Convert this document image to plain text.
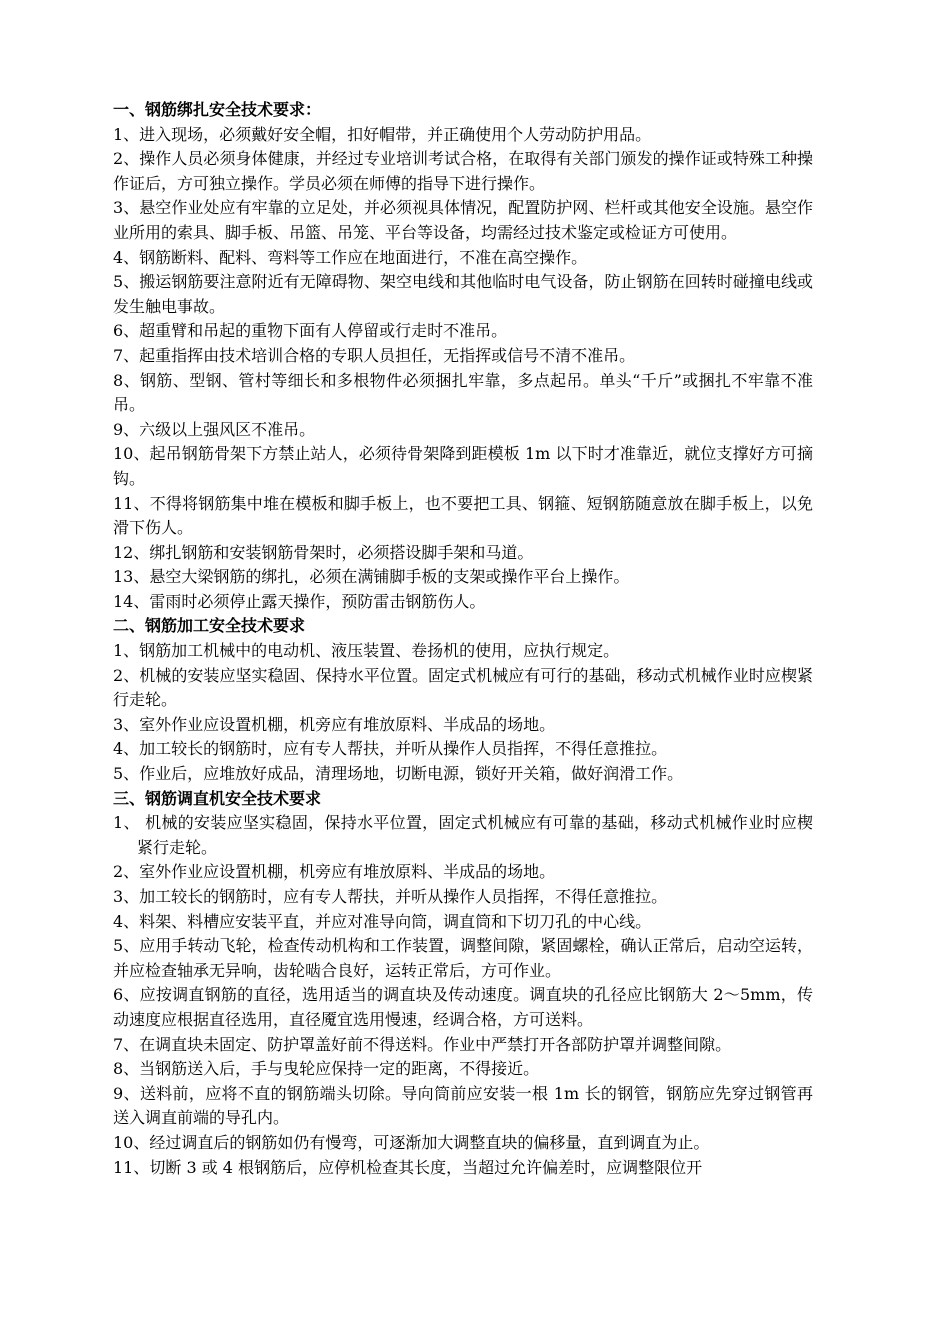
一、钢筋绑扎安全技术要求：

1、进入现场，必须戴好安全帽，扣好帽带，并正确使用个人劳动防护用品。

2、操作人员必须身体健康，并经过专业培训考试合格，在取得有关部门颁发的操作证或特殊工种操作证后，方可独立操作。学员必须在师傅的指导下进行操作。

3、悬空作业处应有牢靠的立足处，并必须视具体情况，配置防护网、栏杆或其他安全设施。悬空作业所用的索具、脚手板、吊篮、吊笼、平台等设备，均需经过技术鉴定或检证方可使用。

4、钢筋断料、配料、弯料等工作应在地面进行，不准在高空操作。

5、搬运钢筋要注意附近有无障碍物、架空电线和其他临时电气设备，防止钢筋在回转时碰撞电线或发生触电事故。

6、超重臂和吊起的重物下面有人停留或行走时不准吊。

7、起重指挥由技术培训合格的专职人员担任，无指挥或信号不清不准吊。

8、钢筋、型钢、管村等细长和多根物件必须捆扎牢靠，多点起吊。单头“千斤”或捆扎不牢靠不准吊。

9、六级以上强风区不准吊。

10、起吊钢筋骨架下方禁止站人，必须待骨架降到距模板 1m 以下时才准靠近，就位支撑好方可摘钩。

11、不得将钢筋集中堆在模板和脚手板上，也不要把工具、钢箍、短钢筋随意放在脚手板上，以免滑下伤人。

12、绑扎钢筋和安装钢筋骨架时，必须搭设脚手架和马道。

13、悬空大梁钢筋的绑扎，必须在满铺脚手板的支架或操作平台上操作。

14、雷雨时必须停止露天操作，预防雷击钢筋伤人。

二、钢筋加工安全技术要求

1、钢筋加工机械中的电动机、液压装置、卷扬机的使用，应执行规定。

2、机械的安装应坚实稳固、保持水平位置。固定式机械应有可行的基础，移动式机械作业时应楔紧行走轮。

3、室外作业应设置机棚，机旁应有堆放原料、半成品的场地。

4、加工较长的钢筋时，应有专人帮扶，并听从操作人员指挥，不得任意推拉。

5、作业后，应堆放好成品，清理场地，切断电源，锁好开关箱，做好润滑工作。

三、钢筋调直机安全技术要求

1、 机械的安装应坚实稳固，保持水平位置，固定式机械应有可靠的基础，移动式机械作业时应楔紧行走轮。

2、室外作业应设置机棚，机旁应有堆放原料、半成品的场地。

3、加工较长的钢筋时，应有专人帮扶，并听从操作人员指挥，不得任意推拉。

4、料架、料槽应安装平直，并应对准导向筒，调直筒和下切刀孔的中心线。

5、应用手转动飞轮，检查传动机构和工作装置，调整间隙，紧固螺栓，确认正常后，启动空运转，并应检查轴承无异响，齿轮啮合良好，运转正常后，方可作业。

6、应按调直钢筋的直径，选用适当的调直块及传动速度。调直块的孔径应比钢筋大 2～5mm，传动速度应根据直径选用，直径魇宜选用慢速，经调合格，方可送料。

7、在调直块未固定、防护罩盖好前不得送料。作业中严禁打开各部防护罩并调整间隙。

8、当钢筋送入后，手与曳轮应保持一定的距离，不得接近。

9、送料前，应将不直的钢筋端头切除。导向筒前应安装一根 1m 长的钢管，钢筋应先穿过钢管再送入调直前端的导孔内。

10、经过调直后的钢筋如仍有慢弯，可逐渐加大调整直块的偏移量，直到调直为止。

11、切断 3 或 4 根钢筋后，应停机检查其长度，当超过允许偏差时，应调整限位开
